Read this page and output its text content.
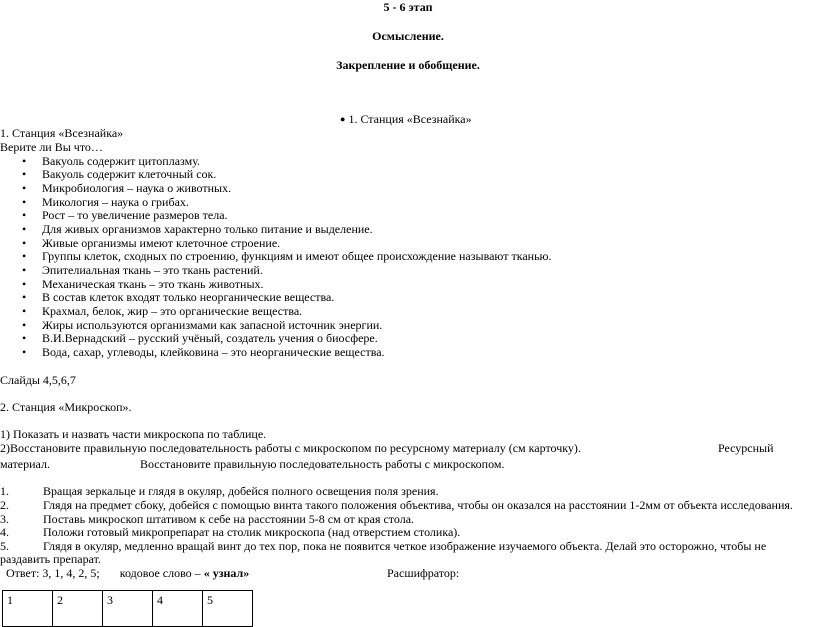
5 - 6 этап
Осмысление.
Закрепление и обобщение.
● 1. Станция «Всезнайка»
1. Станция «Всезнайка»
Верите ли Вы что…
• Вакуоль содержит цитоплазму.
• Вакуоль содержит клеточный сок.
• Микробиология – наука о животных.
• Микология – наука о грибах.
• Рост – то увеличение размеров тела.
• Для живых организмов характерно только питание и выделение.
• Живые организмы имеют клеточное строение.
• Группы клеток, сходных по строению, функциям и имеют общее происхождение называют тканью.
• Эпителиальная ткань – это ткань растений.
• Механическая ткань – это ткань животных.
• В состав клеток входят только неорганические вещества.
• Крахмал, белок, жир – это органические вещества.
• Жиры используются организмами как запасной источник энергии.
• В.И.Вернадский – русский учёный, создатель учения о биосфере.
• Вода, сахар, углеводы, клейковина – это неорганические вещества.
Слайды 4,5,6,7
2. Станция «Микроскоп».
1) Показать и назвать части микроскопа по таблице.
2)Восстановите правильную последовательность работы с микроскопом по ресурсному материалу (см карточку).	Ресурсный
материал.	Восстановите правильную последовательность работы с микроскопом.
1.	Вращая зеркальце и глядя в окуляр, добейся полного освещения поля зрения.
2.	Глядя на предмет сбоку, добейся с помощью винта такого положения объектива, чтобы он оказался на расстоянии 1-2мм от объекта исследования.
3.	Поставь микроскоп штативом к себе на расстоянии 5-8 см от края стола.
4.	Положи готовый микропрепарат на столик микроскопа (над отверстием столика).
5.	Глядя в окуляр, медленно вращай винт до тех пор, пока не появится четкое изображение изучаемого объекта. Делай это осторожно, чтобы не
раздавить препарат.
Ответ: 3, 1, 4, 2, 5; кодовое слово – « узнал»	Расшифратор:
1	2	3	4	5
